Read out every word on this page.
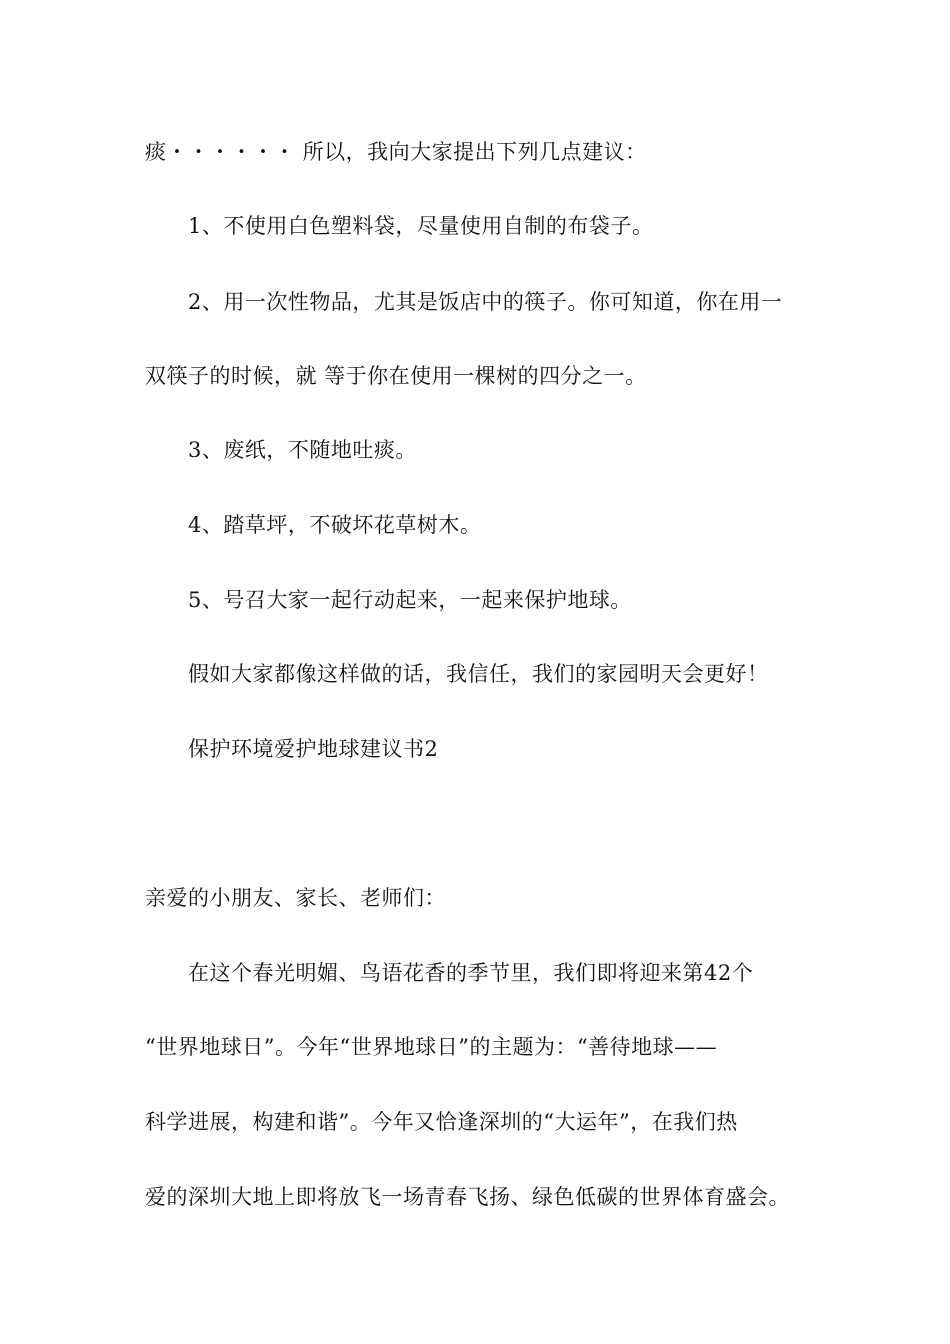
痰・・・・・・ 所以，我向大家提出下列几点建议：
1、不使用白色塑料袋，尽量使用自制的布袋子。
2、用一次性物品，尤其是饭店中的筷子。你可知道，你在用一
双筷子的时候，就 等于你在使用一棵树的四分之一。
3、废纸，不随地吐痰。
4、踏草坪，不破坏花草树木。
5、号召大家一起行动起来，一起来保护地球。
假如大家都像这样做的话，我信任，我们的家园明天会更好！
保护环境爱护地球建议书2
亲爱的小朋友、家长、老师们：
在这个春光明媚、鸟语花香的季节里，我们即将迎来第42个
“世界地球日”。今年“世界地球日”的主题为：“善待地球——
科学进展，构建和谐”。今年又恰逢深圳的“大运年”，在我们热
爱的深圳大地上即将放飞一场青春飞扬、绿色低碳的世界体育盛会。
